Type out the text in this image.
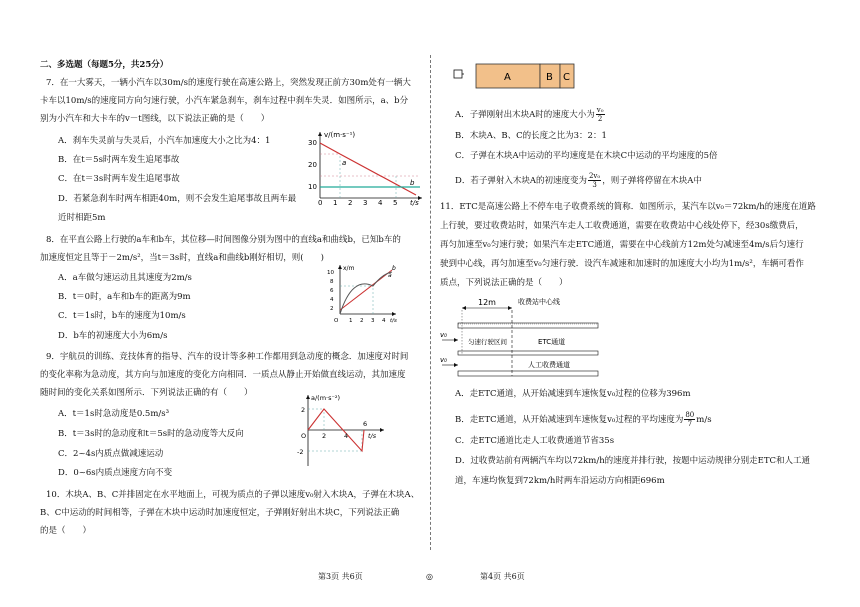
二、多选题（每题5分，共25分）
7．在一大雾天，一辆小汽车以30m/s的速度行驶在高速公路上，突然发现正前方30m处有一辆大
卡车以10m/s的速度同方向匀速行驶，小汽车紧急刹车，刹车过程中刹车失灵．如图所示，a、b分
别为小汽车和大卡车的v－t图线，以下说法正确的是（　　）
A．刹车失灵前与失灵后，小汽车加速度大小之比为4：1
B．在t＝5s时两车发生追尾事故
C．在t＝3s时两车发生追尾事故
D．若紧急刹车时两车相距40m，则不会发生追尾事故且两车最
近时相距5m
v/(m·s⁻¹)
a
b
30
20
10
0 1 2 3 4 5 t/s
8．在平直公路上行驶的a车和b车，其位移—时间图像分别为图中的直线a和曲线b，已知b车的
加速度恒定且等于－2m/s²，当t＝3s时，直线a和曲线b刚好相切，则(　　)
A．a车做匀速运动且其速度为2m/s
B．t＝0时，a车和b车的距离为9m
C．t＝1s时，b车的速度为10m/s
D．b车的初速度大小为6m/s
x/m
a
b
10
8
6
4
2
O 1 2 3 4 t/s
9．宇航员的训练、竞技体育的指导、汽车的设计等多种工作都用到急动度的概念．加速度对时间
的变化率称为急动度，其方向与加速度的变化方向相同．一质点从静止开始做直线运动，其加速度
随时间的变化关系如图所示．下列说法正确的有（　　）
A．t＝1s时急动度是0.5m/s³
B．t＝3s时的急动度和t＝5s时的急动度等大反向
C．2~4s内质点做减速运动
D．0~6s内质点速度方向不变
a/(m·s⁻²)
2
-2
O 2	4
6
t/s
10．木块A、B、C并排固定在水平地面上，可视为质点的子弹以速度v₀射入木块A，子弹在木块A、
B、C中运动的时间相等，子弹在木块中运动时加速度恒定，子弹刚好射出木块C，下列说法正确
的是（　　）
A	B C
A．子弹刚射出木块A时的速度大小为 $\frac{\text{v₀}}{2}$
B．木块A、B、C的长度之比为3：2：1
C．子弹在木块A中运动的平均速度是在木块C中运动的平均速度的5倍
D．若子弹射入木块A的初速度变为 $\frac{\text{2v₀}}{3}$ ，则子弹将停留在木块A中
11．ETC是高速公路上不停车电子收费系统的简称．如图所示，某汽车以v₀＝72km/h的速度在道路
上行驶，要过收费站时，如果汽车走人工收费通道，需要在收费站中心线处停下，经30s缴费后，
再匀加速至v₀匀速行驶；如果汽车走ETC通道，需要在中心线前方12m处匀减速至4m/s后匀速行
驶到中心线，再匀加速至v₀匀速行驶．设汽车减速和加速时的加速度大小均为1m/s²，车辆可看作
质点，下列说法正确的是（　　）
12m	收费站中心线
v₀
匀速行驶区间	ETC通道
v₀
人工收费通道
A．走ETC通道，从开始减速到车速恢复v₀过程的位移为396m
B．走ETC通道，从开始减速到车速恢复v₀过程的平均速度为 $\frac{80}{7} m/s$
C．走ETC通道比走人工收费通道节省35s
D．过收费站前有两辆汽车均以72km/h的速度并排行驶，按题中运动规律分别走ETC和人工通
道，车速均恢复到72km/h时两车沿运动方向相距696m
第3页 共6页	◎	第4页 共6页
